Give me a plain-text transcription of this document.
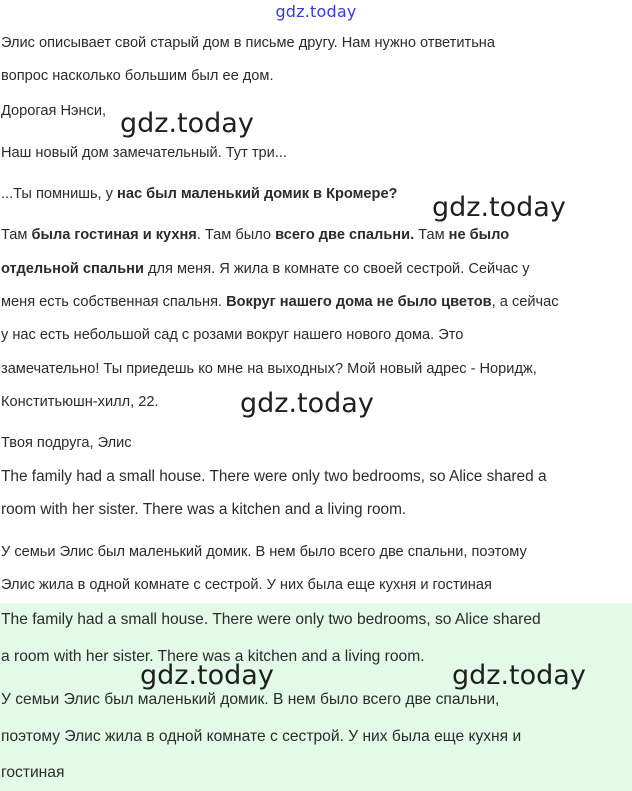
gdz.today
Элис описывает свой старый дом в письме другу. Нам нужно ответитьна
вопрос насколько большим был ее дом.
Дорогая Нэнси,
Наш новый дом замечательный. Тут три...
...Ты помнишь, у нас был маленький домик в Кромере?
Там была гостиная и кухня. Там было всего две спальни. Там не было
отдельной спальни для меня. Я жила в комнате со своей сестрой. Сейчас у
меня есть собственная спальня. Вокруг нашего дома не было цветов, а сейчас
у нас есть небольшой сад с розами вокруг нашего нового дома. Это
замечательно! Ты приедешь ко мне на выходных? Мой новый адрес - Норидж,
Конститьюшн-хилл, 22.
Твоя подруга, Элис
The family had a small house. There were only two bedrooms, so Alice shared a
room with her sister. There was a kitchen and a living room.
У семьи Элис был маленький домик. В нем было всего две спальни, поэтому
Элис жила в одной комнате с сестрой. У них была еще кухня и гостиная
The family had a small house. There were only two bedrooms, so Alice shared
a room with her sister. There was a kitchen and a living room.
У семьи Элис был маленький домик. В нем было всего две спальни,
поэтому Элис жила в одной комнате с сестрой. У них была еще кухня и
гостиная
gdz.today
gdz.today
gdz.today
gdz.today	gdz.today
